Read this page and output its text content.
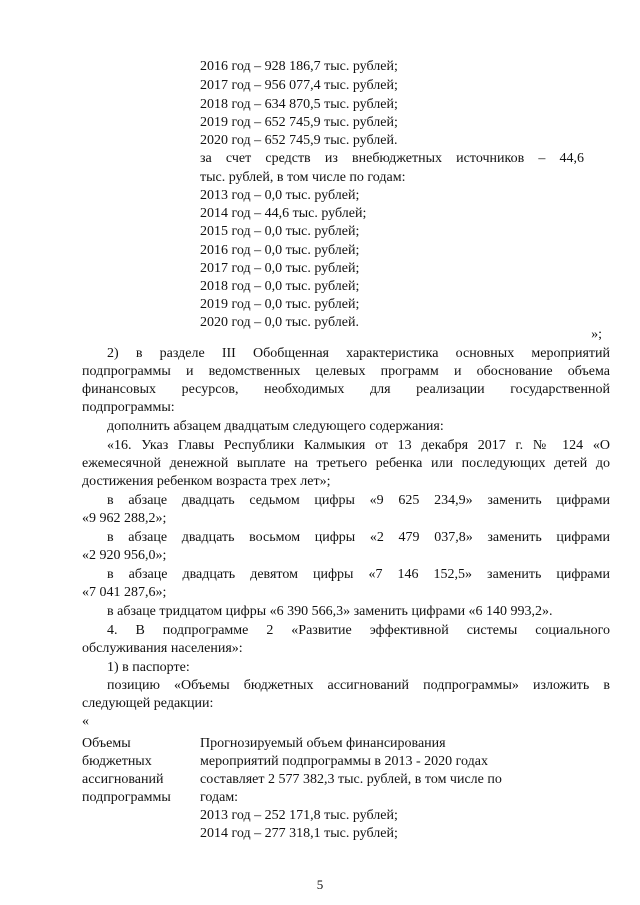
2016 год – 928 186,7 тыс. рублей;
2017 год – 956 077,4 тыс. рублей;
2018 год – 634 870,5 тыс. рублей;
2019 год – 652 745,9 тыс. рублей;
2020 год – 652 745,9 тыс. рублей.
за счет средств из внебюджетных источников – 44,6
тыс. рублей, в том числе по годам:
2013 год – 0,0 тыс. рублей;
2014 год – 44,6 тыс. рублей;
2015 год – 0,0 тыс. рублей;
2016 год – 0,0 тыс. рублей;
2017 год – 0,0 тыс. рублей;
2018 год – 0,0 тыс. рублей;
2019 год – 0,0 тыс. рублей;
2020 год – 0,0 тыс. рублей.
»;
2) в разделе III Обобщенная характеристика основных мероприятий
подпрограммы и ведомственных целевых программ и обоснование объема
финансовых ресурсов, необходимых для реализации государственной
подпрограммы:
дополнить абзацем двадцатым следующего содержания:
«16. Указ Главы Республики Калмыкия от 13 декабря 2017 г. № 124 «О
ежемесячной денежной выплате на третьего ребенка или последующих детей до
достижения ребенком возраста трех лет»;
в абзаце двадцать седьмом цифры «9 625 234,9» заменить цифрами
«9 962 288,2»;
в абзаце двадцать восьмом цифры «2 479 037,8» заменить цифрами
«2 920 956,0»;
в абзаце двадцать девятом цифры «7 146 152,5» заменить цифрами
«7 041 287,6»;
в абзаце тридцатом цифры «6 390 566,3» заменить цифрами «6 140 993,2».
4. В подпрограмме 2 «Развитие эффективной системы социального
обслуживания населения»:
1) в паспорте:
позицию «Объемы бюджетных ассигнований подпрограммы» изложить в
следующей редакции:
«
Объемы
бюджетных
ассигнований
подпрограммы
Прогнозируемый объем финансирования
мероприятий подпрограммы в 2013 - 2020 годах
составляет 2 577 382,3 тыс. рублей, в том числе по
годам:
2013 год – 252 171,8 тыс. рублей;
2014 год – 277 318,1 тыс. рублей;
5
